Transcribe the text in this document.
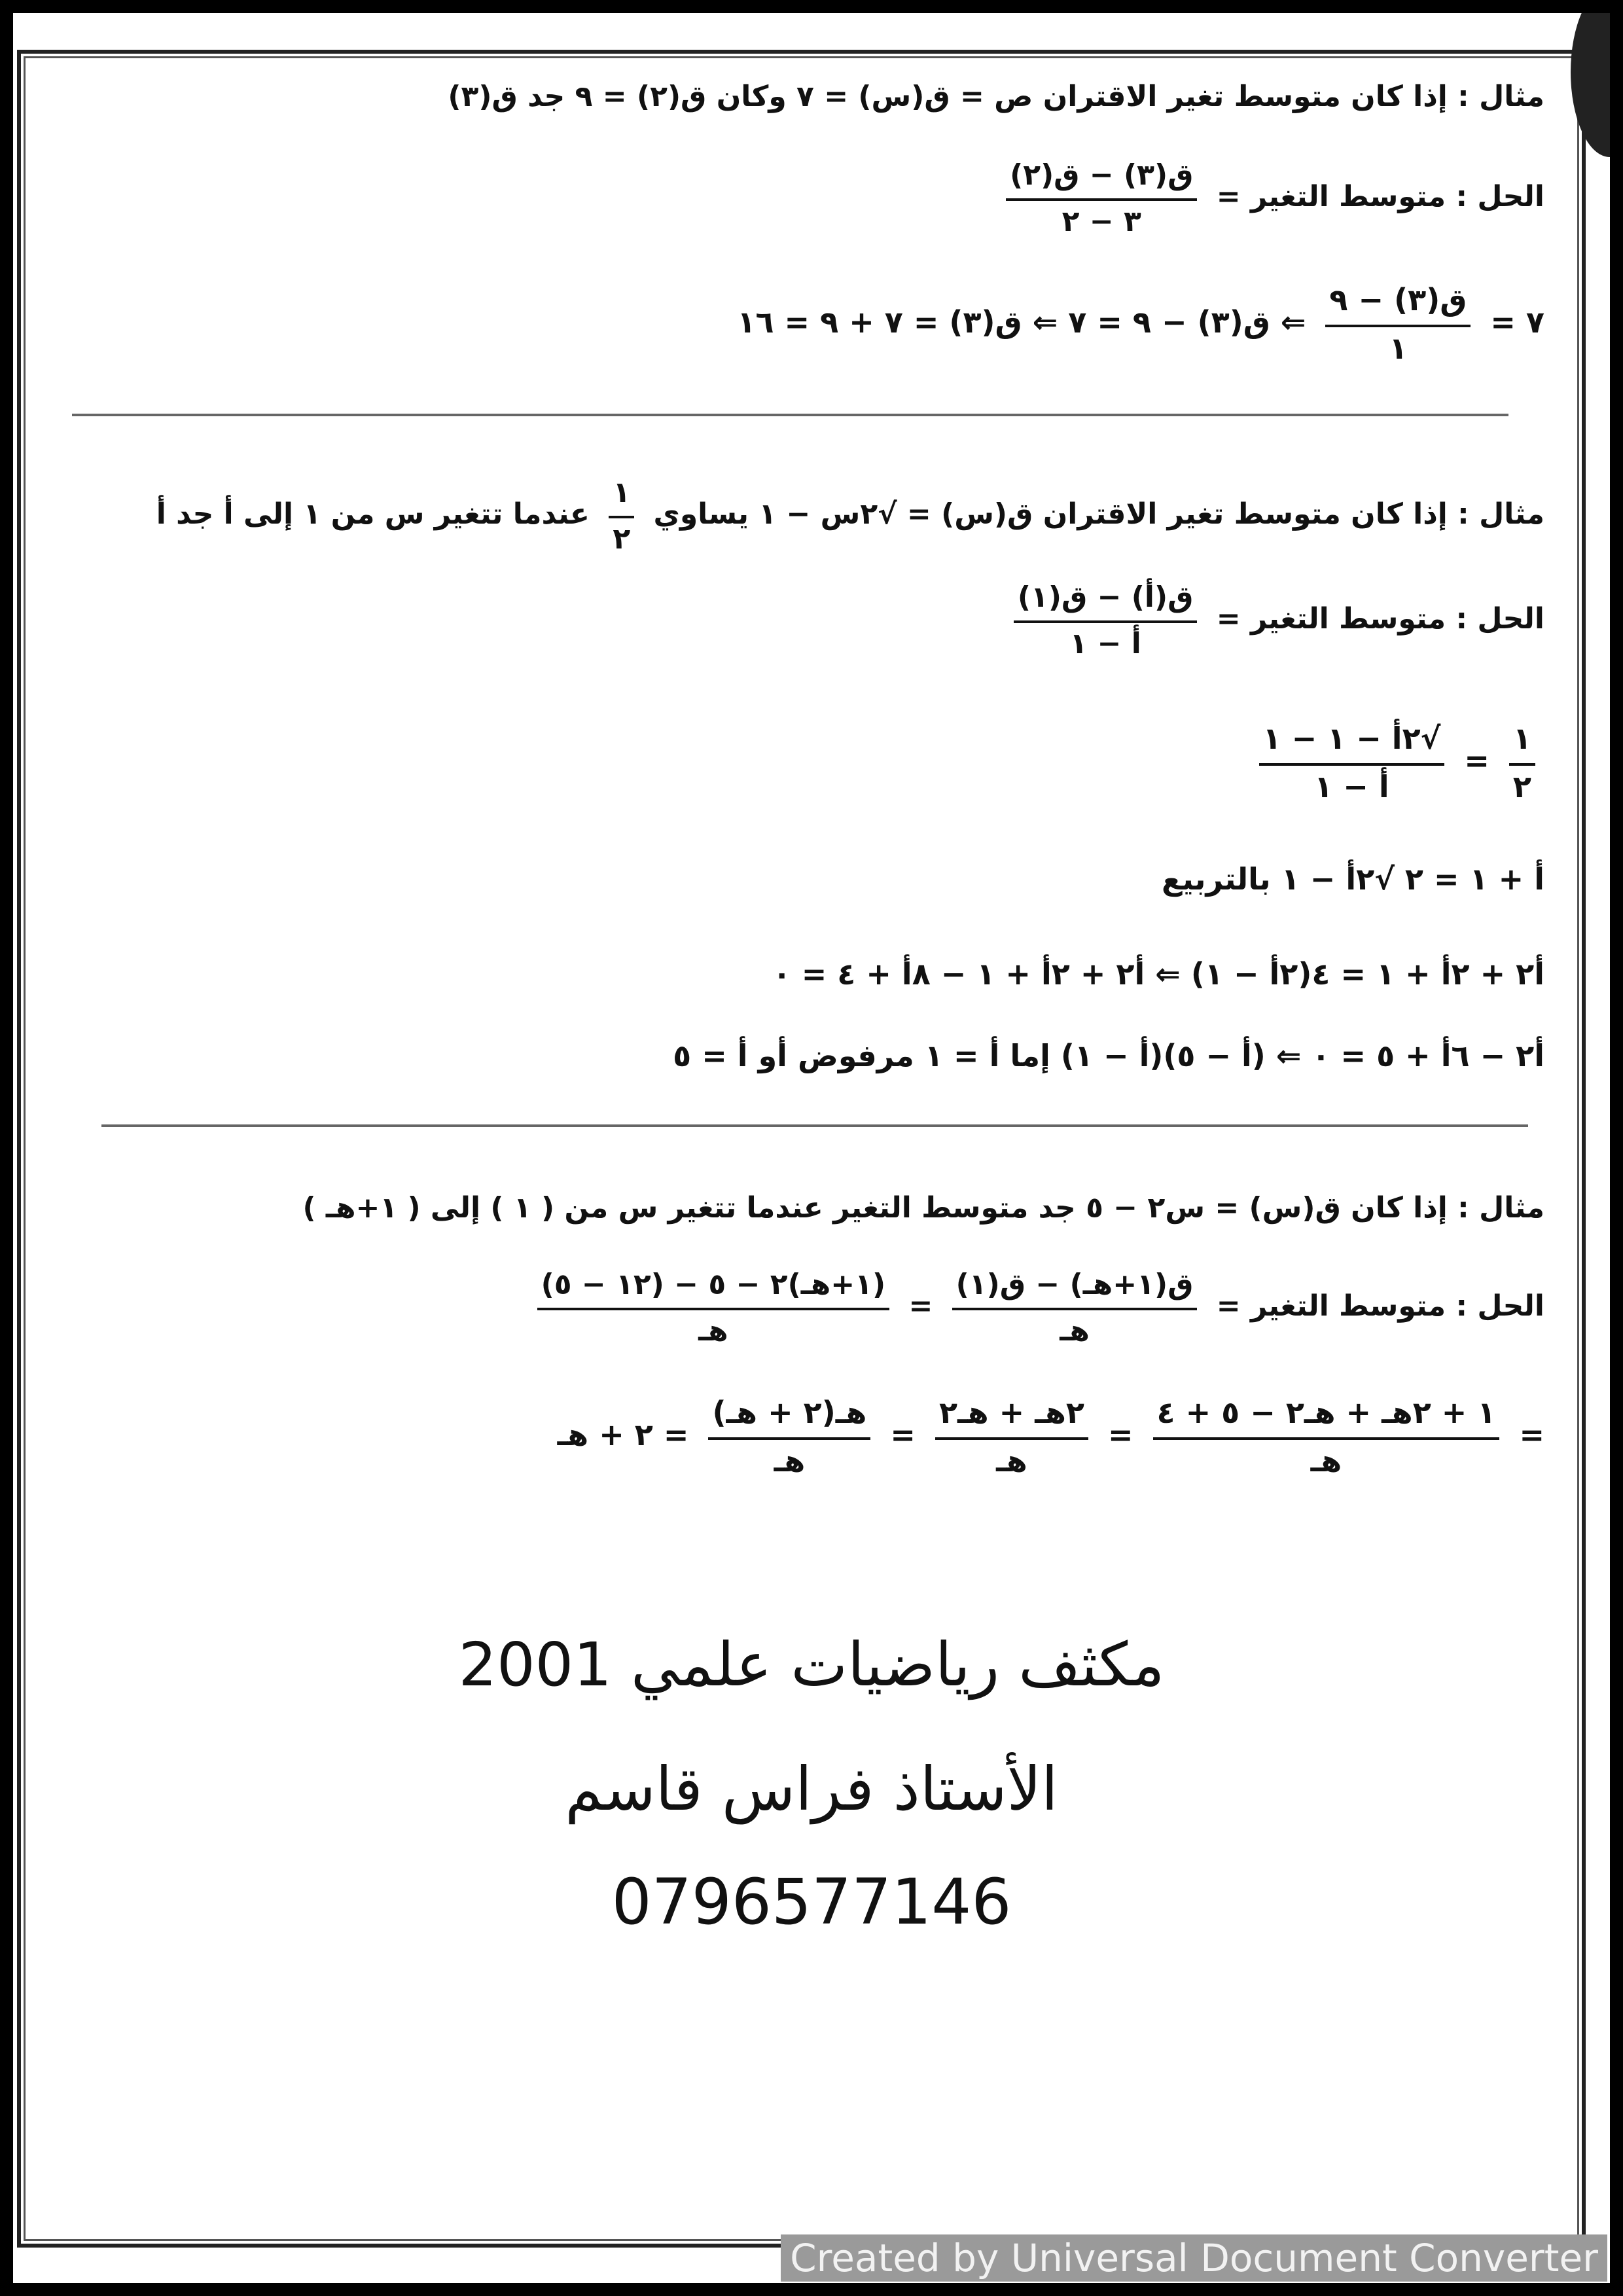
مثال : إذا كان متوسط تغير الاقتران ص = ق(س) = ٧ وكان ق(٢) = ٩ جد ق(٣)
الحل : متوسط التغير =
$\frac{\text{ق(٣) − ق(٢)}}{٣ - ٢}$
٧ =
$\frac{\text{ق(٣) − ٩}}{١}$
⇐ ق(٣) − ٩ = ٧ ⇐ ق(٣) = ٧ + ٩ = ١٦
مثال : إذا كان متوسط تغير الاقتران ق(س) = √٢س − ١ يساوي
$\frac{١}{٢}$
عندما تتغير س من ١ إلى أ جد أ
الحل : متوسط التغير =
$\frac{\text{ق(أ) − ق(١)}}{\text{أ − ١}}$
$\frac{١}{٢}$
=
$\frac{\text{√٢أ − ١ − ١}}{\text{أ − ١}}$
أ + ١ = ٢ √٢أ − ١ بالتربيع
أ٢ + ٢أ + ١ = ٤(٢أ − ١) ⇐ أ٢ + ٢أ + ١ − ٨أ + ٤ = ٠
أ٢ − ٦أ + ٥ = ٠ ⇐ (أ − ٥)(أ − ١) إما أ = ١ مرفوض أو أ = ٥
مثال : إذا كان ق(س) = س٢ − ٥ جد متوسط التغير عندما تتغير س من ( ١ ) إلى ( ١+هـ )
الحل : متوسط التغير =
$\frac{\text{ق(١+هـ) − ق(١)}}{\text{هـ}}$
=
$\frac{\text{(١+هـ)٢ − ٥ − (١٢ − ٥)}}{\text{هـ}}$
=
$\frac{\text{١ + ٢هـ + هـ٢ − ٥ + ٤}}{\text{هـ}}$
=
$\frac{\text{٢هـ + هـ٢}}{\text{هـ}}$
=
$\frac{\text{هـ(٢ + هـ)}}{\text{هـ}}$
= ٢ + هـ
مكثف رياضيات علمي 2001
الأستاذ فراس قاسم
0796577146
Created by Universal Document Converter
